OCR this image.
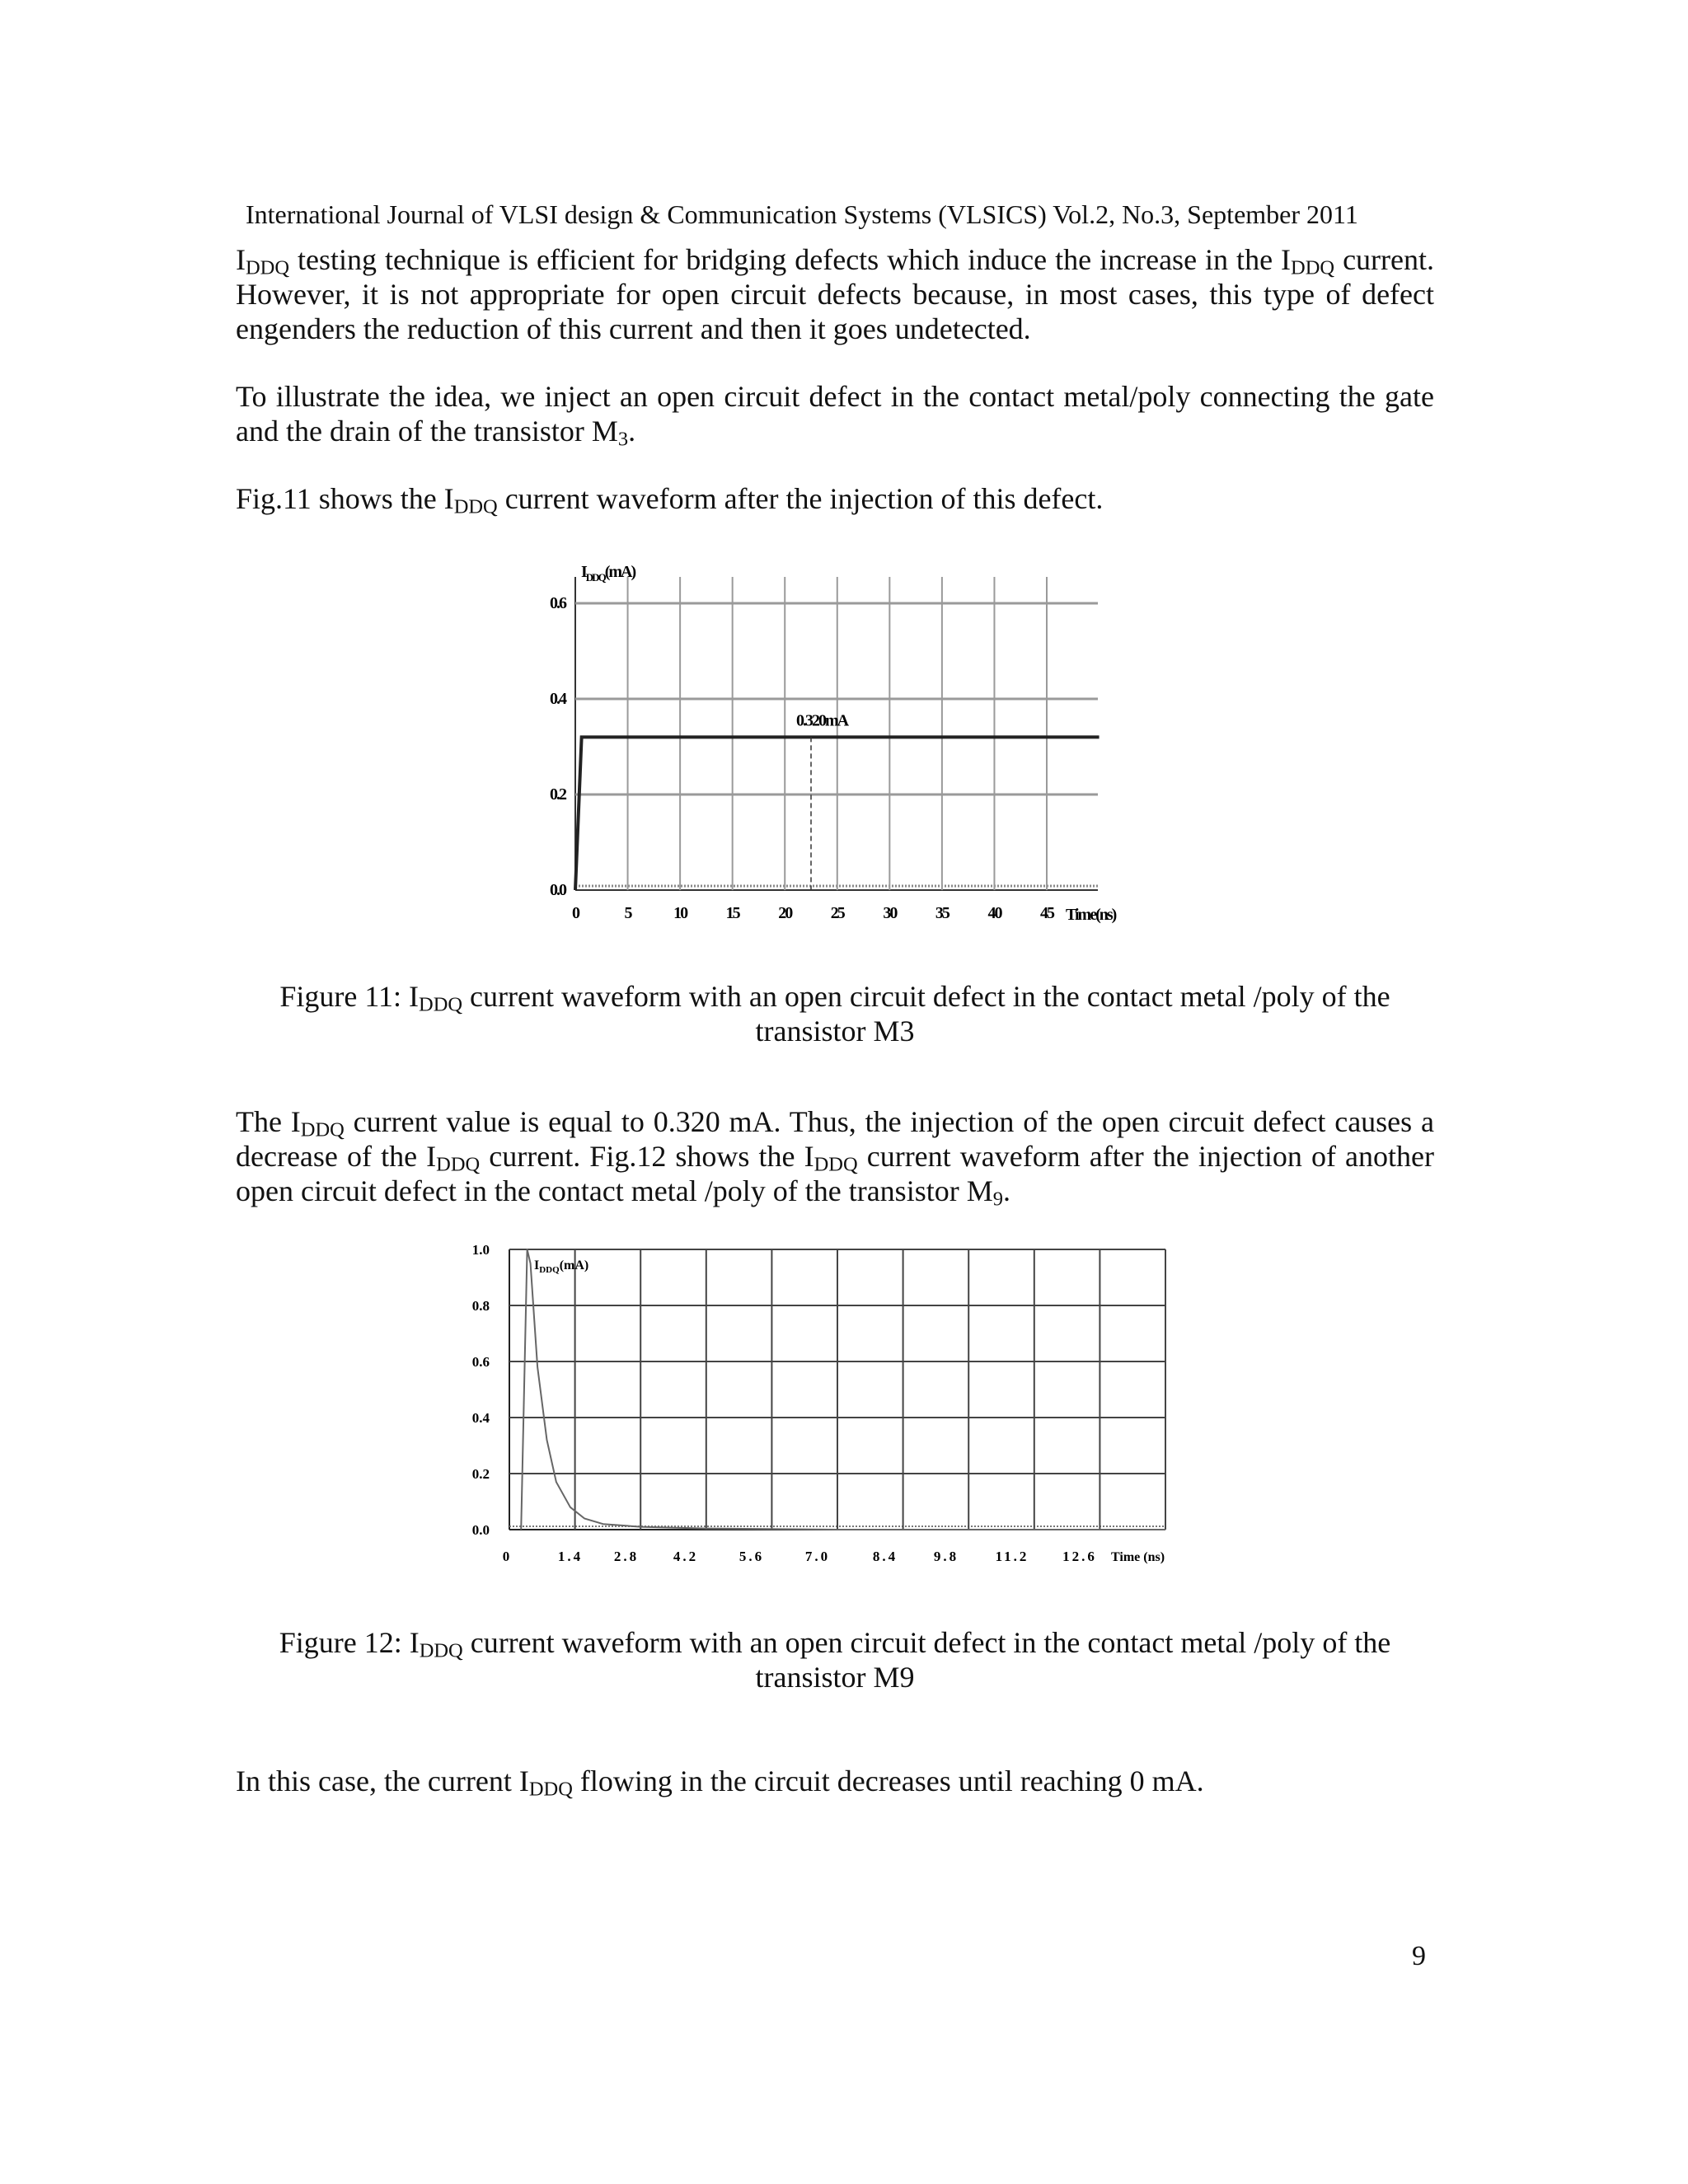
International Journal of VLSI design & Communication Systems (VLSICS) Vol.2, No.3, September 2011

$I_{DDQ}$ testing technique is efficient for bridging defects which induce the increase in the $I_{DDQ}$ current. However, it is not appropriate for open circuit defects because, in most cases, this type of defect engenders the reduction of this current and then it goes undetected.

To illustrate the idea, we inject an open circuit defect in the contact metal/poly connecting the gate and the drain of the transistor $M_3$.

Fig.11 shows the $I_{DDQ}$ current waveform after the injection of this defect.

0.0
0.2
0.4
0.6
0	5	10 15 20 25 30 35 40 45 Time(ns)
$I_{DDQ}(mA)$
0.320mA
Figure 11: $I_{DDQ}$ current waveform with an open circuit defect in the contact metal /poly of the transistor M3

The $I_{DDQ}$ current value is equal to 0.320 mA. Thus, the injection of the open circuit defect causes a decrease of the $I_{DDQ}$ current. Fig.12 shows the $I_{DDQ}$ current waveform after the injection of another open circuit defect in the contact metal /poly of the transistor $M_9$.

0.0
0.2
0.4
0.6
0.8
1.0
0	1.4 2.8 4.2	5.6	7.0	8.4	9.8	11.2 12.6 Time (ns)
$I_{DDQ}(mA)$
Figure 12: $I_{DDQ}$ current waveform with an open circuit defect in the contact metal /poly of the transistor M9

In this case, the current $I_{DDQ}$ flowing in the circuit decreases until reaching 0 mA.

9
